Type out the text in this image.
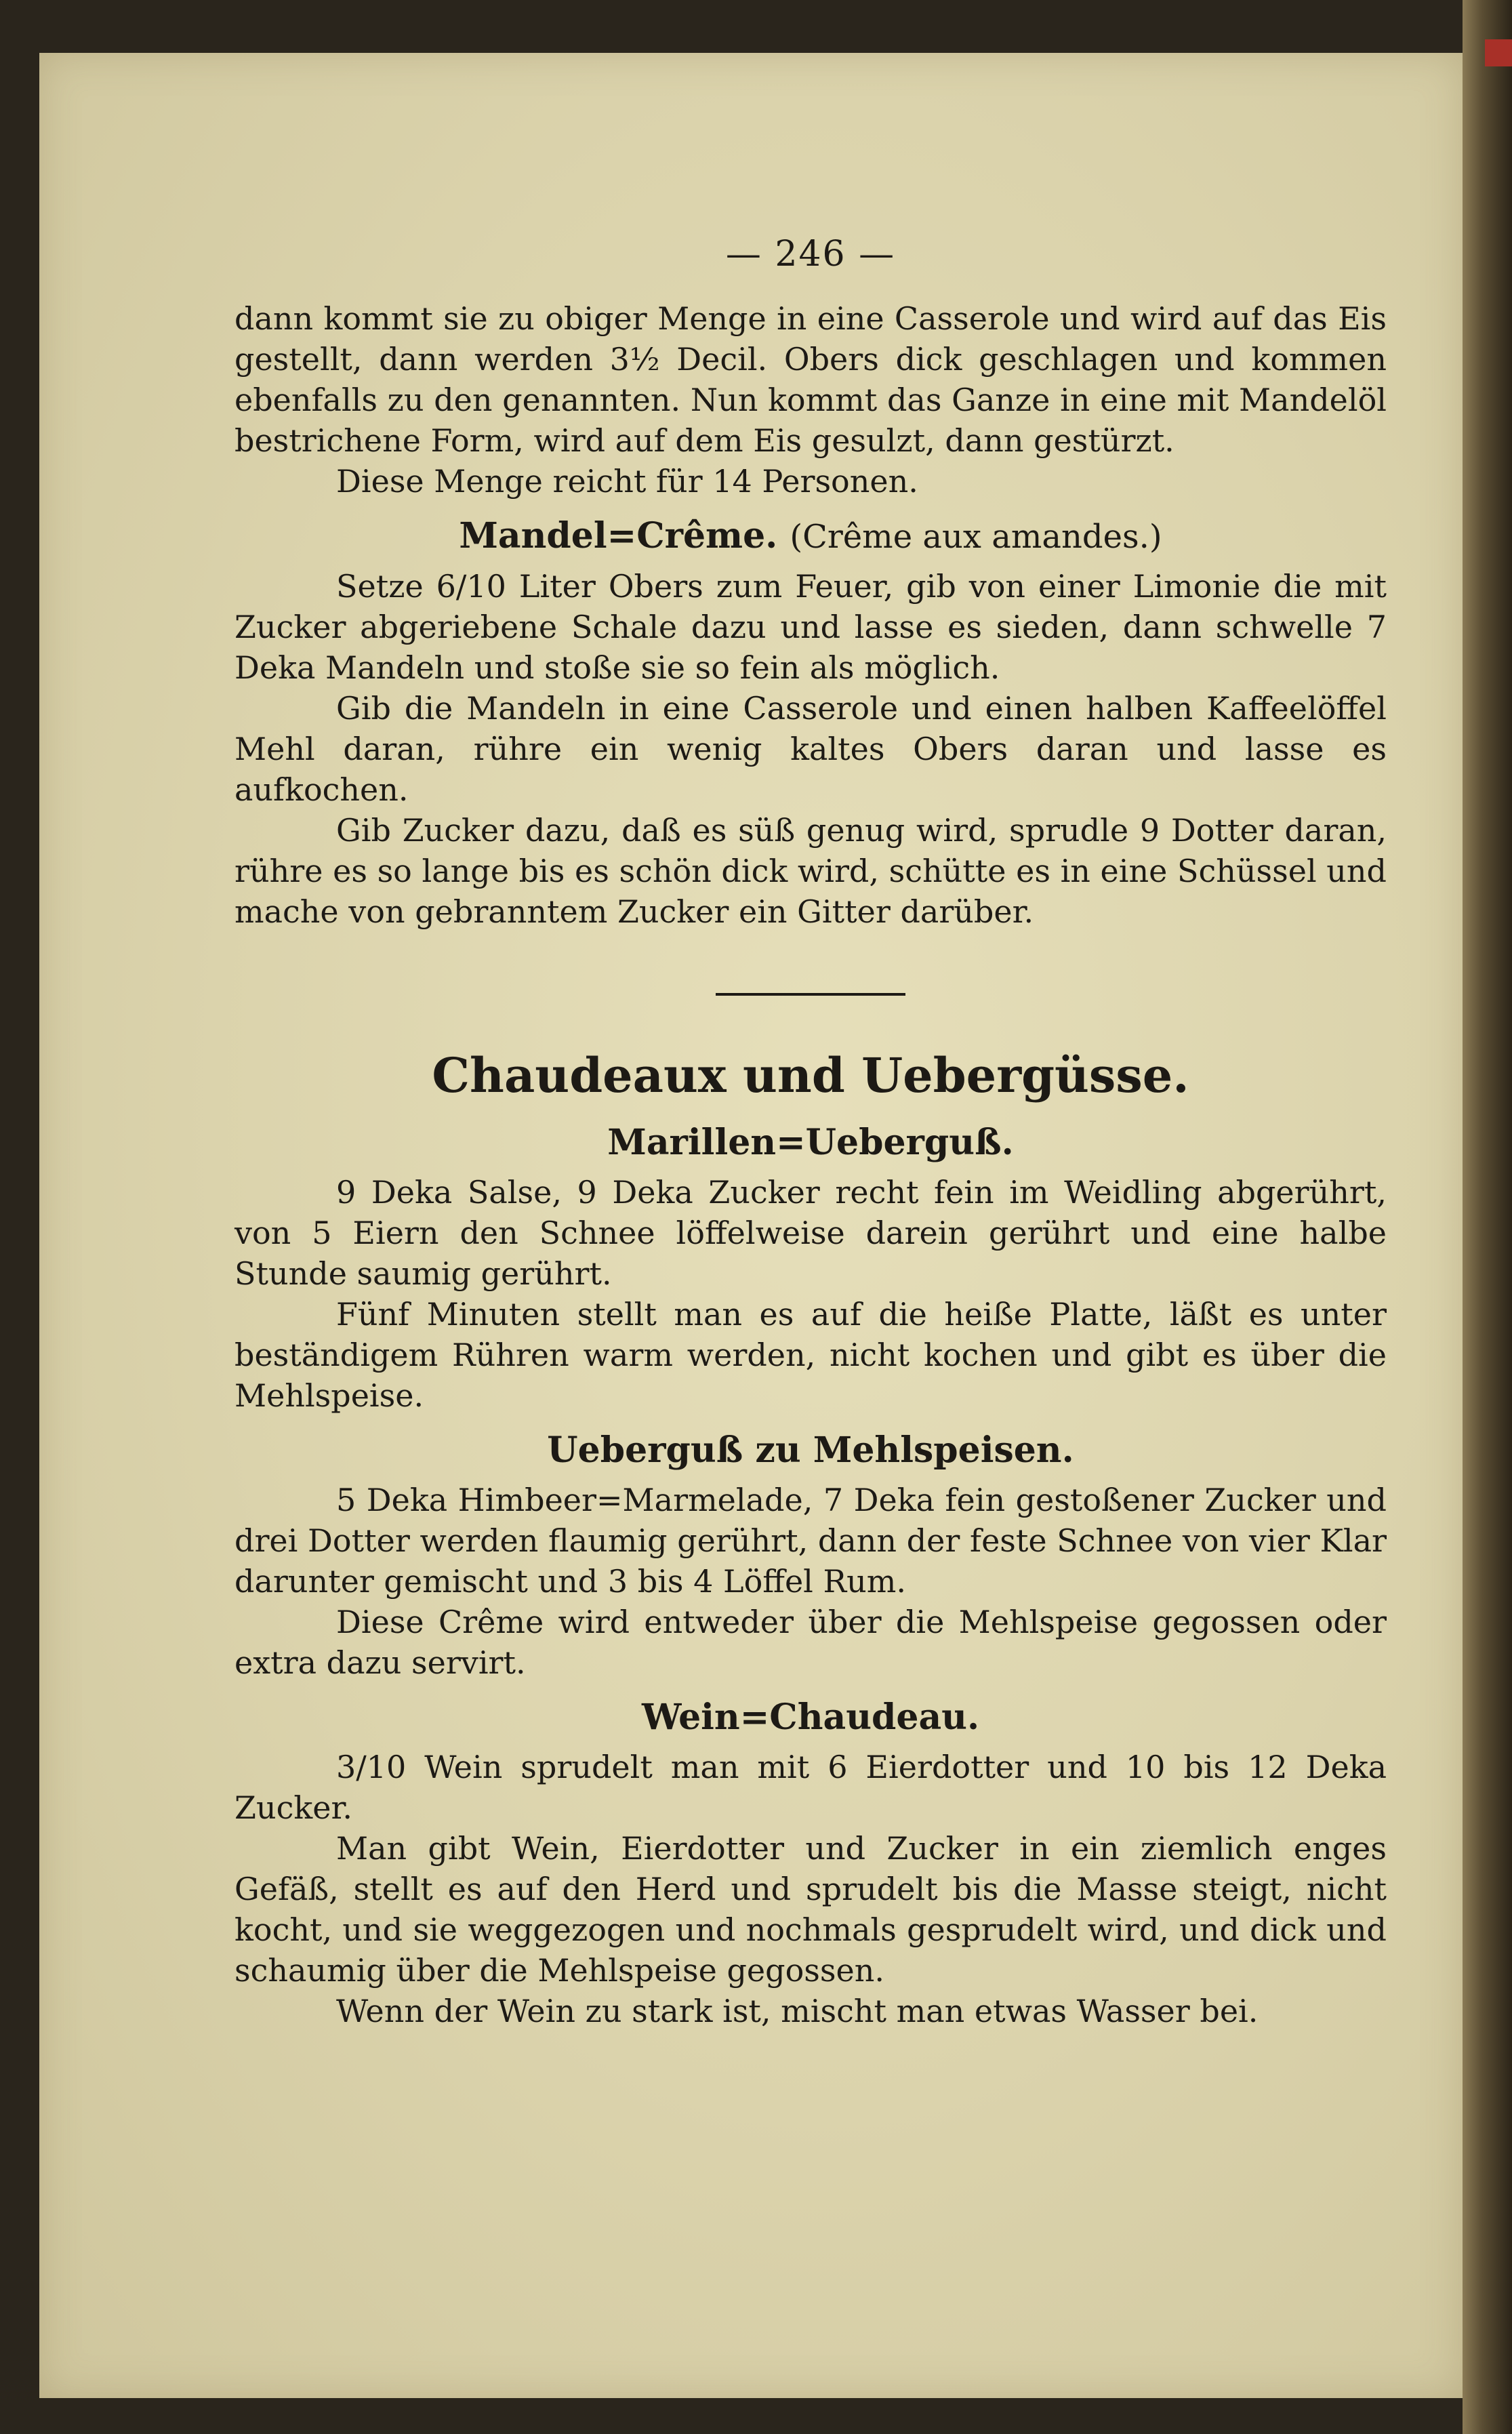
— 246 —

dann kommt sie zu obiger Menge in eine Casserole und wird auf das Eis gestellt, dann werden 3½ Decil. Obers dick geschlagen und kommen ebenfalls zu den genannten. Nun kommt das Ganze in eine mit Mandelöl bestrichene Form, wird auf dem Eis gesulzt, dann gestürzt.

Diese Menge reicht für 14 Personen.

Mandel=Crême. (Crême aux amandes.)

Setze 6/10 Liter Obers zum Feuer, gib von einer Limonie die mit Zucker abgeriebene Schale dazu und lasse es sieden, dann schwelle 7 Deka Mandeln und stoße sie so fein als möglich.

Gib die Mandeln in eine Casserole und einen halben Kaffeelöffel Mehl daran, rühre ein wenig kaltes Obers daran und lasse es aufkochen.

Gib Zucker dazu, daß es süß genug wird, sprudle 9 Dotter daran, rühre es so lange bis es schön dick wird, schütte es in eine Schüssel und mache von gebranntem Zucker ein Gitter darüber.

Chaudeaux und Uebergüsse.
Marillen=Ueberguß.

9 Deka Salse, 9 Deka Zucker recht fein im Weidling abgerührt, von 5 Eiern den Schnee löffelweise darein gerührt und eine halbe Stunde saumig gerührt.

Fünf Minuten stellt man es auf die heiße Platte, läßt es unter beständigem Rühren warm werden, nicht kochen und gibt es über die Mehlspeise.

Ueberguß zu Mehlspeisen.

5 Deka Himbeer=Marmelade, 7 Deka fein gestoßener Zucker und drei Dotter werden flaumig gerührt, dann der feste Schnee von vier Klar darunter gemischt und 3 bis 4 Löffel Rum.

Diese Crême wird entweder über die Mehlspeise gegossen oder extra dazu servirt.

Wein=Chaudeau.

3/10 Wein sprudelt man mit 6 Eierdotter und 10 bis 12 Deka Zucker.

Man gibt Wein, Eierdotter und Zucker in ein ziemlich enges Gefäß, stellt es auf den Herd und sprudelt bis die Masse steigt, nicht kocht, und sie weggezogen und nochmals gesprudelt wird, und dick und schaumig über die Mehlspeise gegossen.

Wenn der Wein zu stark ist, mischt man etwas Wasser bei.
